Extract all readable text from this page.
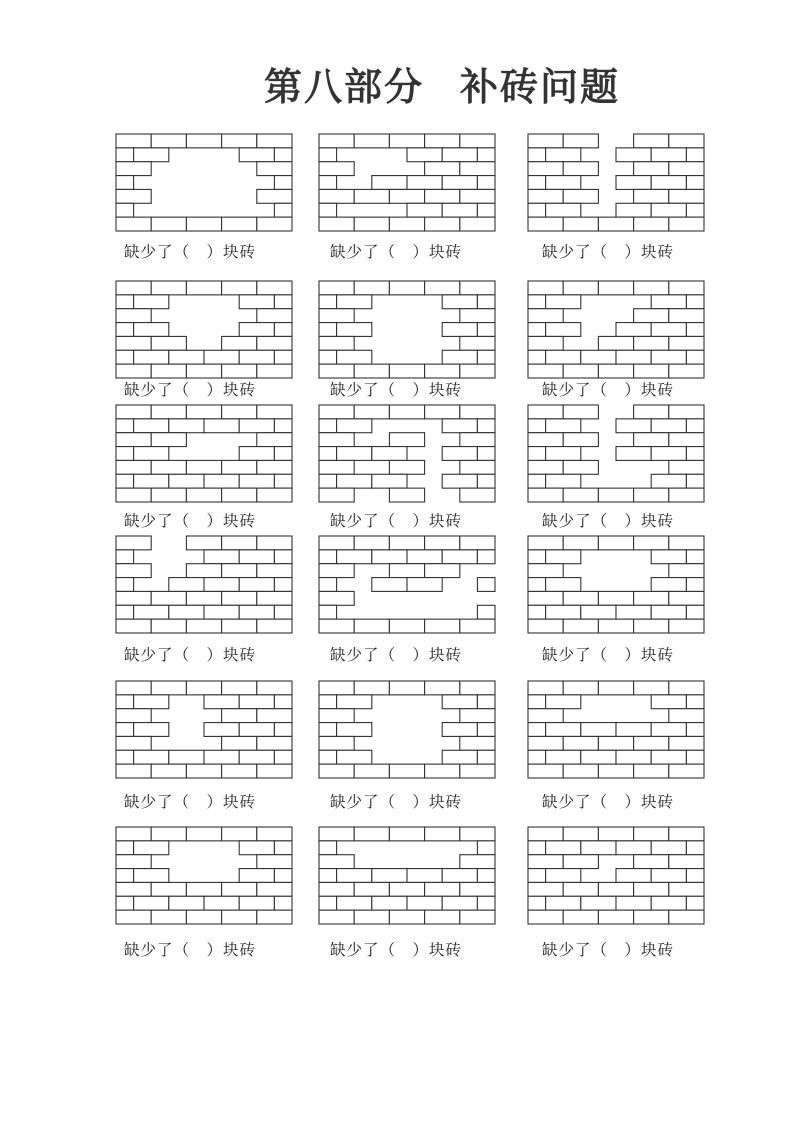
第八部分 补砖问题
缺少了（　）块砖	缺少了（　）块砖	缺少了（　）块砖
缺少了（　）块砖	缺少了（　）块砖	缺少了（　）块砖
缺少了（　）块砖	缺少了（　）块砖	缺少了（　）块砖
缺少了（　）块砖	缺少了（　）块砖	缺少了（　）块砖
缺少了（　）块砖	缺少了（　）块砖	缺少了（　）块砖
缺少了（　）块砖	缺少了（　）块砖	缺少了（　）块砖
